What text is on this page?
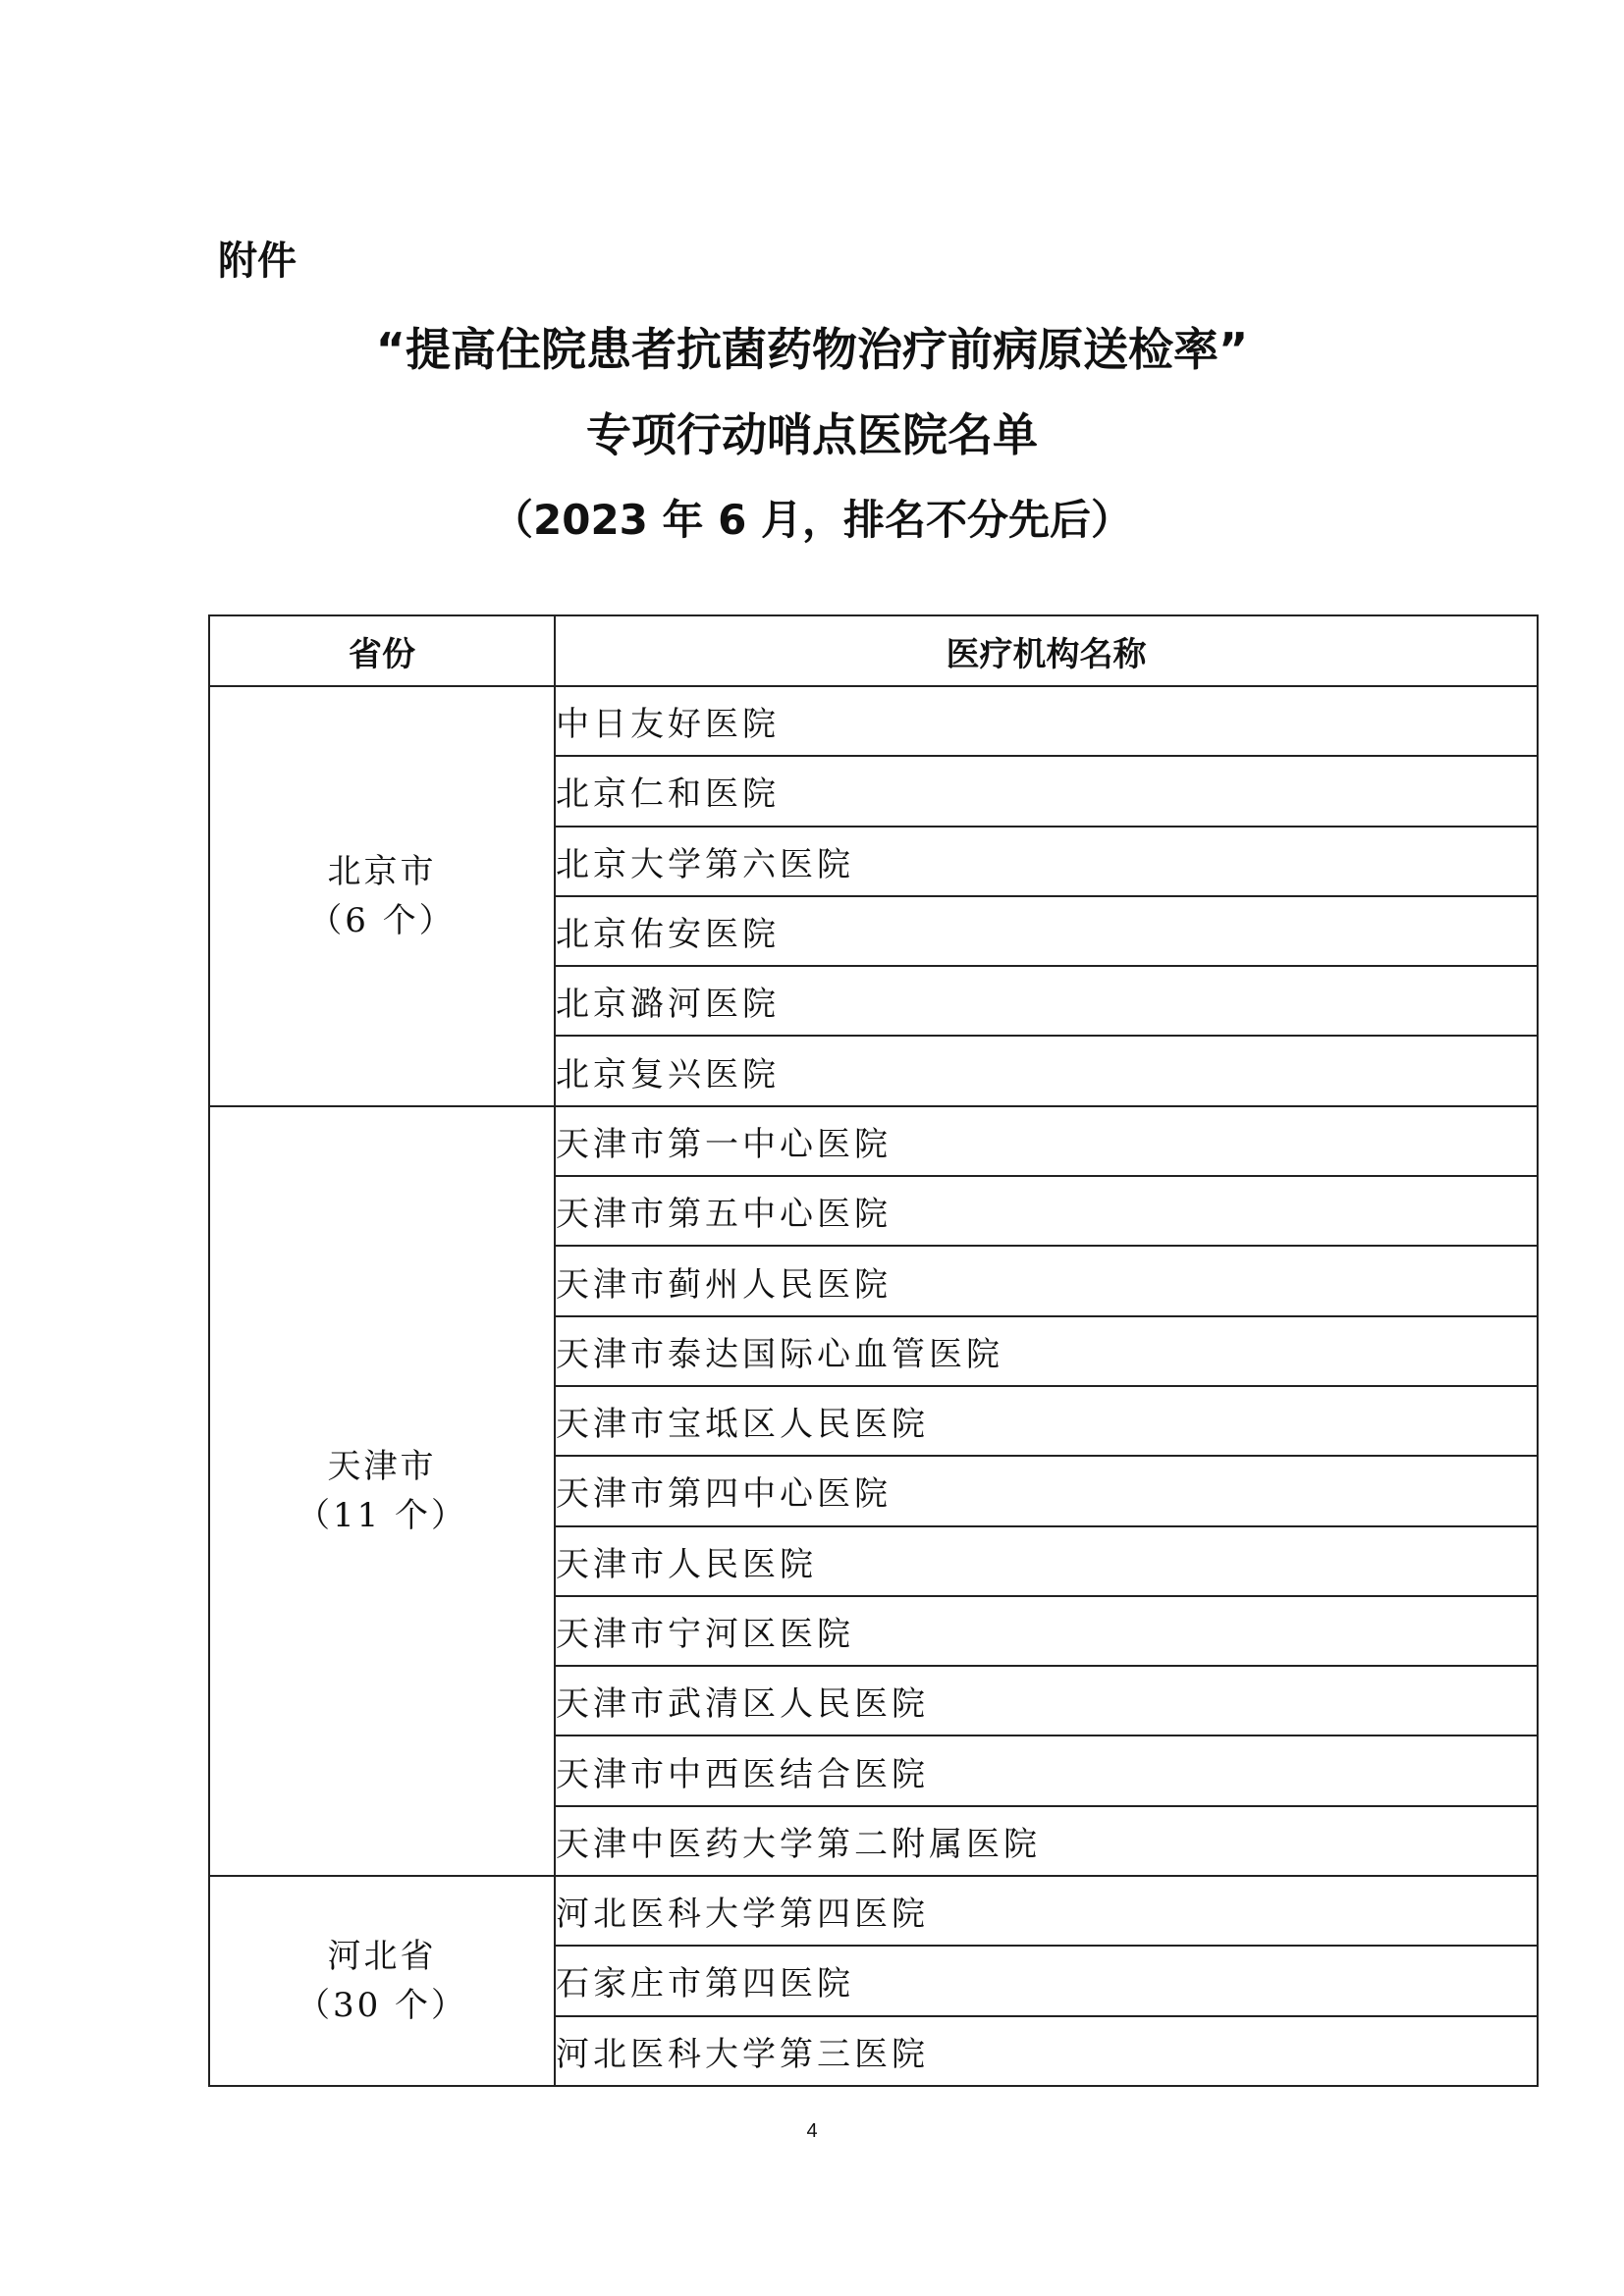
附件
“提高住院患者抗菌药物治疗前病原送检率”
专项行动哨点医院名单
（2023 年 6 月，排名不分先后）
省份	医疗机构名称

北京市
（6 个）	中日友好医院
	北京仁和医院
	北京大学第六医院
	北京佑安医院
	北京潞河医院
	北京复兴医院

天津市
（11 个）	天津市第一中心医院
	天津市第五中心医院
	天津市蓟州人民医院
	天津市泰达国际心血管医院
	天津市宝坻区人民医院
	天津市第四中心医院
	天津市人民医院
	天津市宁河区医院
	天津市武清区人民医院
	天津市中西医结合医院
	天津中医药大学第二附属医院

河北省
（30 个）	河北医科大学第四医院
	石家庄市第四医院
	河北医科大学第三医院
4
